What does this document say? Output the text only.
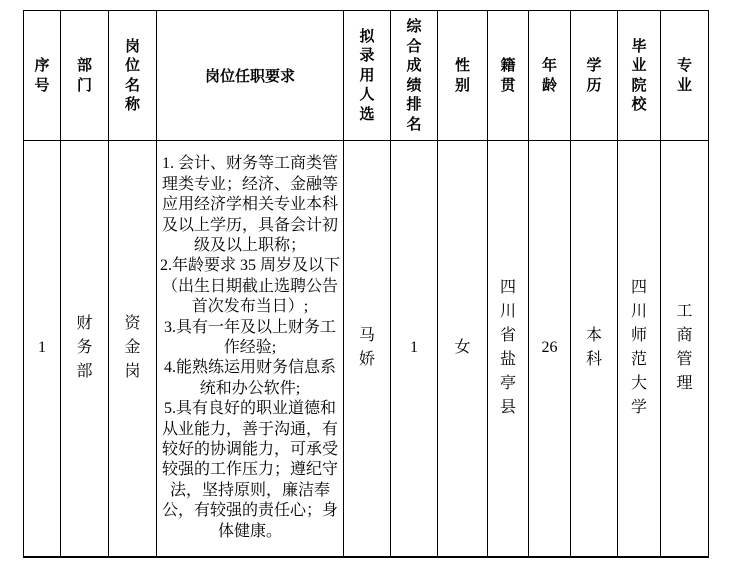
序号	部门	岗位名称	岗位任职要求	拟录用人选	综合成绩排名	性别	籍贯	年龄	学历	毕业院校	专业
1	财务部	资金岗	1. 会计、财务等工商类管理类专业；经济、金融等应用经济学相关专业本科及以上学历，具备会计初级及以上职称；
2.年龄要求 35 周岁及以下（出生日期截止选聘公告首次发布当日）;
3.具有一年及以上财务工作经验;
4.能熟练运用财务信息系统和办公软件;
5.具有良好的职业道德和从业能力，善于沟通，有较好的协调能力，可承受较强的工作压力；遵纪守法，坚持原则，廉洁奉公，有较强的责任心；身体健康。	马娇	1	女	四川省盐亭县	26	本科	四川师范大学	工商管理
